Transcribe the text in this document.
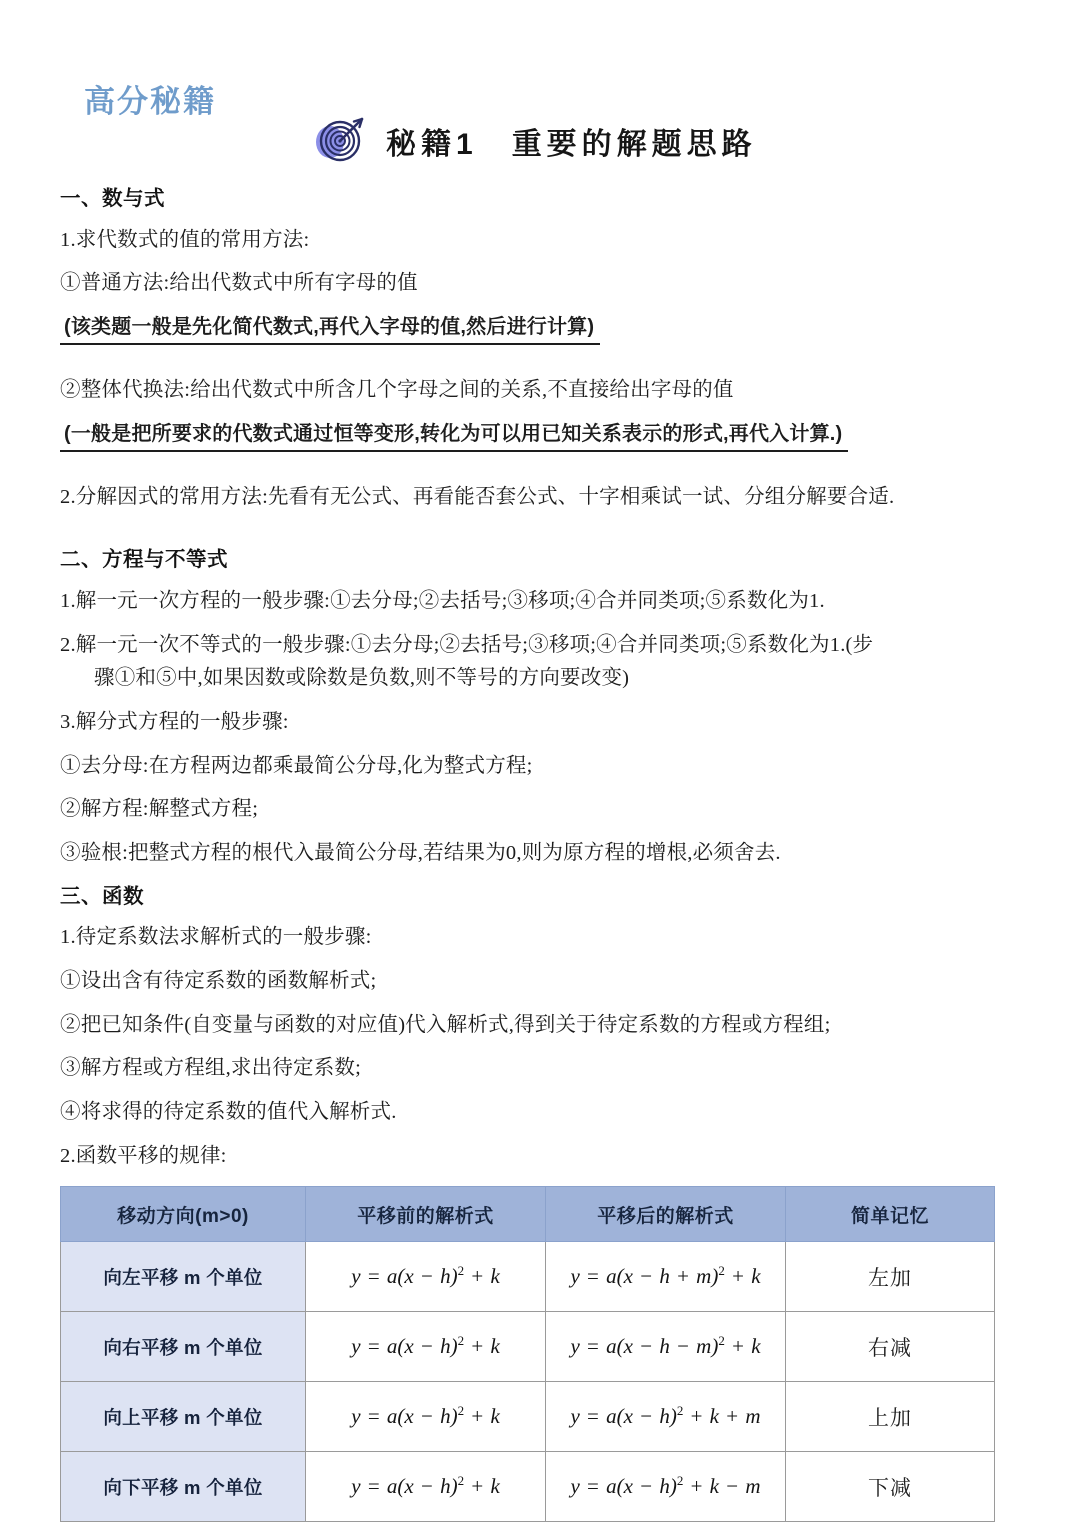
高分秘籍
秘籍1 重要的解题思路
一、数与式

1.求代数式的值的常用方法:

①普通方法:给出代数式中所有字母的值

(该类题一般是先化简代数式,再代入字母的值,然后进行计算)

②整体代换法:给出代数式中所含几个字母之间的关系,不直接给出字母的值

(一般是把所要求的代数式通过恒等变形,转化为可以用已知关系表示的形式,再代入计算.)

2.分解因式的常用方法:先看有无公式、再看能否套公式、十字相乘试一试、分组分解要合适.

二、方程与不等式

1.解一元一次方程的一般步骤:①去分母;②去括号;③移项;④合并同类项;⑤系数化为1.

2.解一元一次不等式的一般步骤:①去分母;②去括号;③移项;④合并同类项;⑤系数化为1.(步

骤①和⑤中,如果因数或除数是负数,则不等号的方向要改变)

3.解分式方程的一般步骤:

①去分母:在方程两边都乘最简公分母,化为整式方程;

②解方程:解整式方程;

③验根:把整式方程的根代入最简公分母,若结果为0,则为原方程的增根,必须舍去.

三、函数

1.待定系数法求解析式的一般步骤:

①设出含有待定系数的函数解析式;

②把已知条件(自变量与函数的对应值)代入解析式,得到关于待定系数的方程或方程组;

③解方程或方程组,求出待定系数;

④将求得的待定系数的值代入解析式.

2.函数平移的规律:

移动方向(m>0)	平移前的解析式	平移后的解析式	简单记忆
向左平移 m 个单位	$y = a(x - h)^2 + k$	$y = a(x - h + m)^2 + k$	左加
向右平移 m 个单位	$y = a(x - h)^2 + k$	$y = a(x - h - m)^2 + k$	右减
向上平移 m 个单位	$y = a(x - h)^2 + k$	$y = a(x - h)^2 + k + m$	上加
向下平移 m 个单位	$y = a(x - h)^2 + k$	$y = a(x - h)^2 + k - m$	下减
